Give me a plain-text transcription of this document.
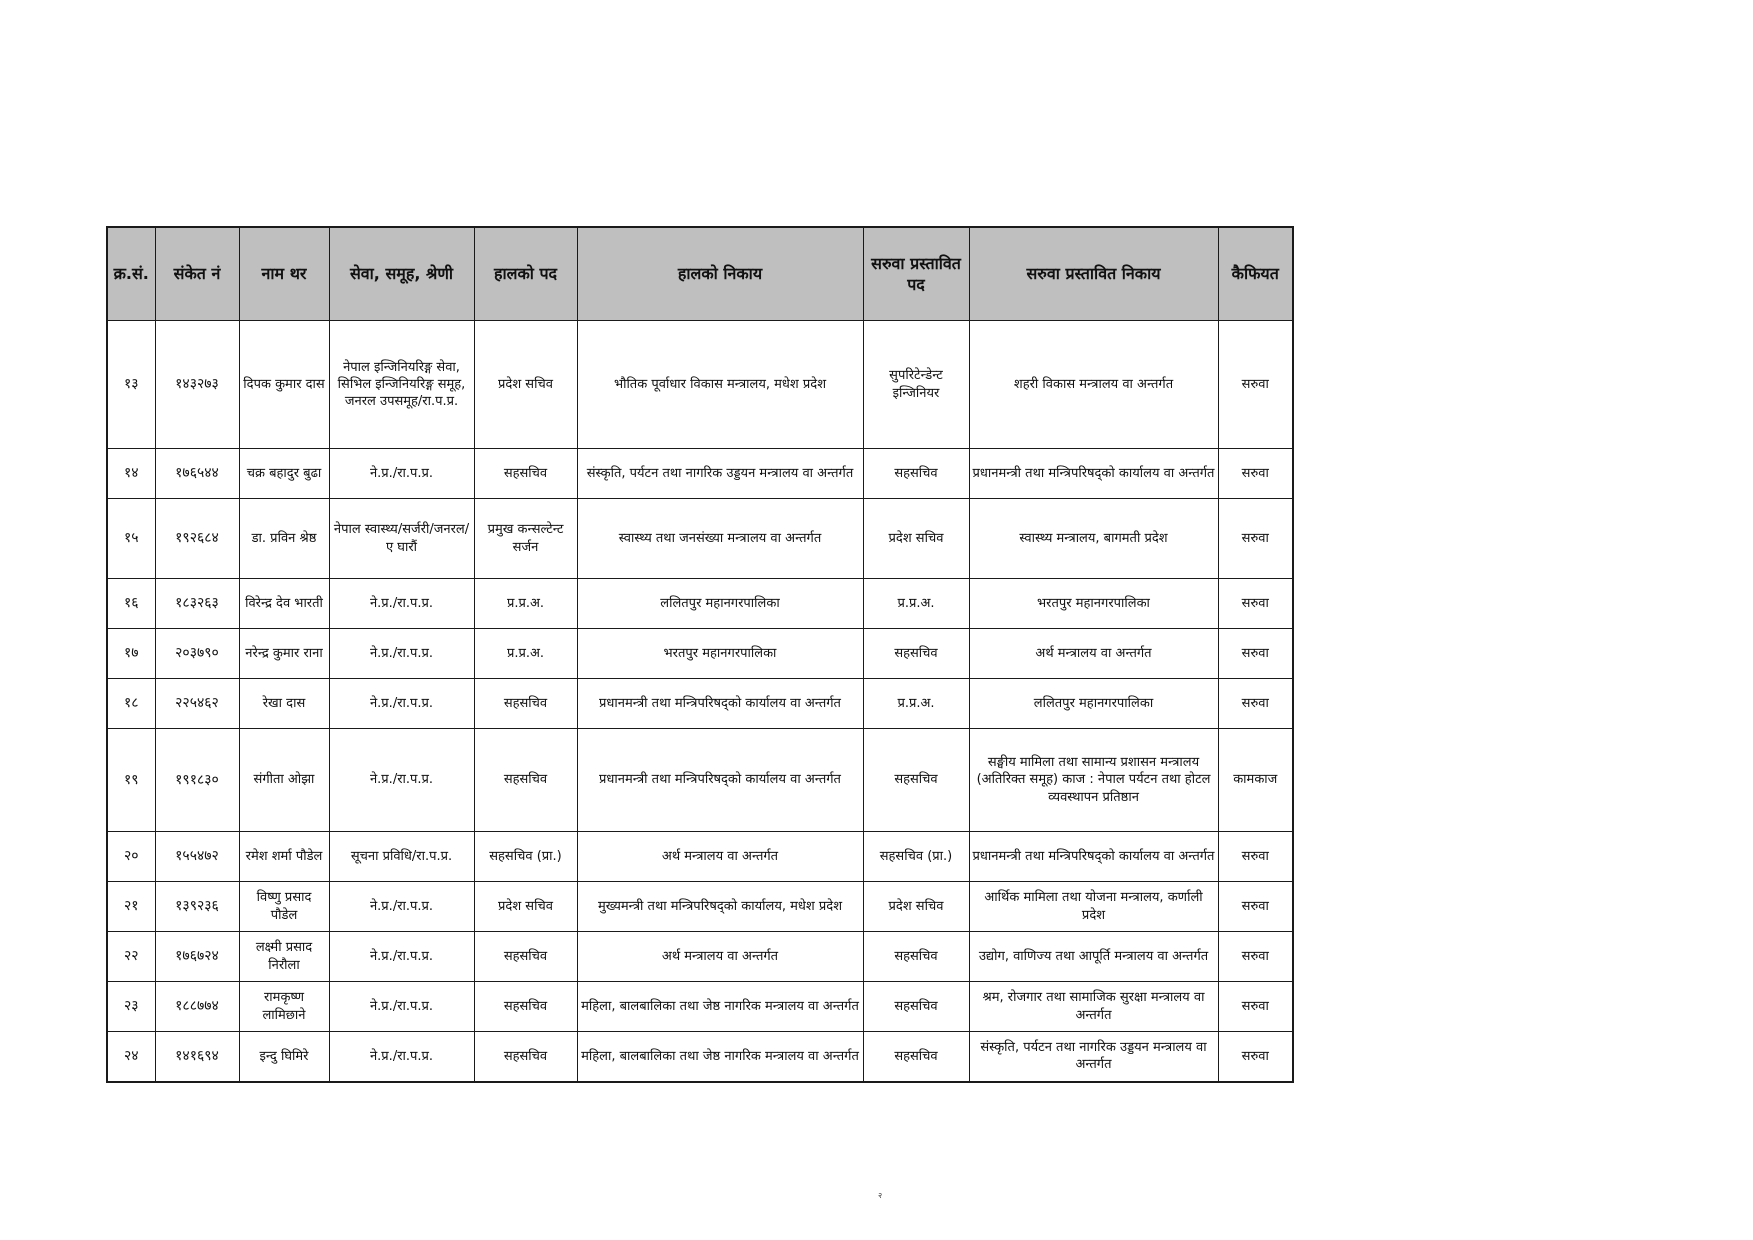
क्र.सं.	संकेत नं	नाम थर	सेवा, समूह, श्रेणी	हालको पद	हालको निकाय	सरुवा प्रस्तावित पद	सरुवा प्रस्तावित निकाय	कैफियत
१३	१४३२७३	दिपक कुमार दास	नेपाल इन्जिनियरिङ्ग सेवा, सिभिल इन्जिनियरिङ्ग समूह, जनरल उपसमूह/रा.प.प्र.	प्रदेश सचिव	भौतिक पूर्वाधार विकास मन्त्रालय, मधेश प्रदेश	सुपरिटेन्डेन्ट इन्जिनियर	शहरी विकास मन्त्रालय वा अन्तर्गत	सरुवा
१४	१७६५४४	चक्र बहादुर बुढा	ने.प्र./रा.प.प्र.	सहसचिव	संस्कृति, पर्यटन तथा नागरिक उड्डयन मन्त्रालय वा अन्तर्गत	सहसचिव	प्रधानमन्त्री तथा मन्त्रिपरिषद्को कार्यालय वा अन्तर्गत	सरुवा
१५	१९२६८४	डा. प्रविन श्रेष्ठ	नेपाल स्वास्थ्य/सर्जरी/जनरल/ए घारौं	प्रमुख कन्सल्टेन्ट सर्जन	स्वास्थ्य तथा जनसंख्या मन्त्रालय वा अन्तर्गत	प्रदेश सचिव	स्वास्थ्य मन्त्रालय, बागमती प्रदेश	सरुवा
१६	१८३२६३	विरेन्द्र देव भारती	ने.प्र./रा.प.प्र.	प्र.प्र.अ.	ललितपुर महानगरपालिका	प्र.प्र.अ.	भरतपुर महानगरपालिका	सरुवा
१७	२०३७९०	नरेन्द्र कुमार राना	ने.प्र./रा.प.प्र.	प्र.प्र.अ.	भरतपुर महानगरपालिका	सहसचिव	अर्थ मन्त्रालय वा अन्तर्गत	सरुवा
१८	२२५४६२	रेखा दास	ने.प्र./रा.प.प्र.	सहसचिव	प्रधानमन्त्री तथा मन्त्रिपरिषद्को कार्यालय वा अन्तर्गत	प्र.प्र.अ.	ललितपुर महानगरपालिका	सरुवा
१९	१९१८३०	संगीता ओझा	ने.प्र./रा.प.प्र.	सहसचिव	प्रधानमन्त्री तथा मन्त्रिपरिषद्को कार्यालय वा अन्तर्गत	सहसचिव	सङ्घीय मामिला तथा सामान्य प्रशासन मन्त्रालय (अतिरिक्त समूह) काज : नेपाल पर्यटन तथा होटल व्यवस्थापन प्रतिष्ठान	कामकाज
२०	१५५४७२	रमेश शर्मा पौडेल	सूचना प्रविधि/रा.प.प्र.	सहसचिव (प्रा.)	अर्थ मन्त्रालय वा अन्तर्गत	सहसचिव (प्रा.)	प्रधानमन्त्री तथा मन्त्रिपरिषद्को कार्यालय वा अन्तर्गत	सरुवा
२१	१३९२३६	विष्णु प्रसाद पौडेल	ने.प्र./रा.प.प्र.	प्रदेश सचिव	मुख्यमन्त्री तथा मन्त्रिपरिषद्को कार्यालय, मधेश प्रदेश	प्रदेश सचिव	आर्थिक मामिला तथा योजना मन्त्रालय, कर्णाली प्रदेश	सरुवा
२२	१७६७२४	लक्ष्मी प्रसाद निरौला	ने.प्र./रा.प.प्र.	सहसचिव	अर्थ मन्त्रालय वा अन्तर्गत	सहसचिव	उद्योग, वाणिज्य तथा आपूर्ति मन्त्रालय वा अन्तर्गत	सरुवा
२३	१८८७७४	रामकृष्ण लामिछाने	ने.प्र./रा.प.प्र.	सहसचिव	महिला, बालबालिका तथा जेष्ठ नागरिक मन्त्रालय वा अन्तर्गत	सहसचिव	श्रम, रोजगार तथा सामाजिक सुरक्षा मन्त्रालय वा अन्तर्गत	सरुवा
२४	१४१६९४	इन्दु घिमिरे	ने.प्र./रा.प.प्र.	सहसचिव	महिला, बालबालिका तथा जेष्ठ नागरिक मन्त्रालय वा अन्तर्गत	सहसचिव	संस्कृति, पर्यटन तथा नागरिक उड्डयन मन्त्रालय वा अन्तर्गत	सरुवा
२
